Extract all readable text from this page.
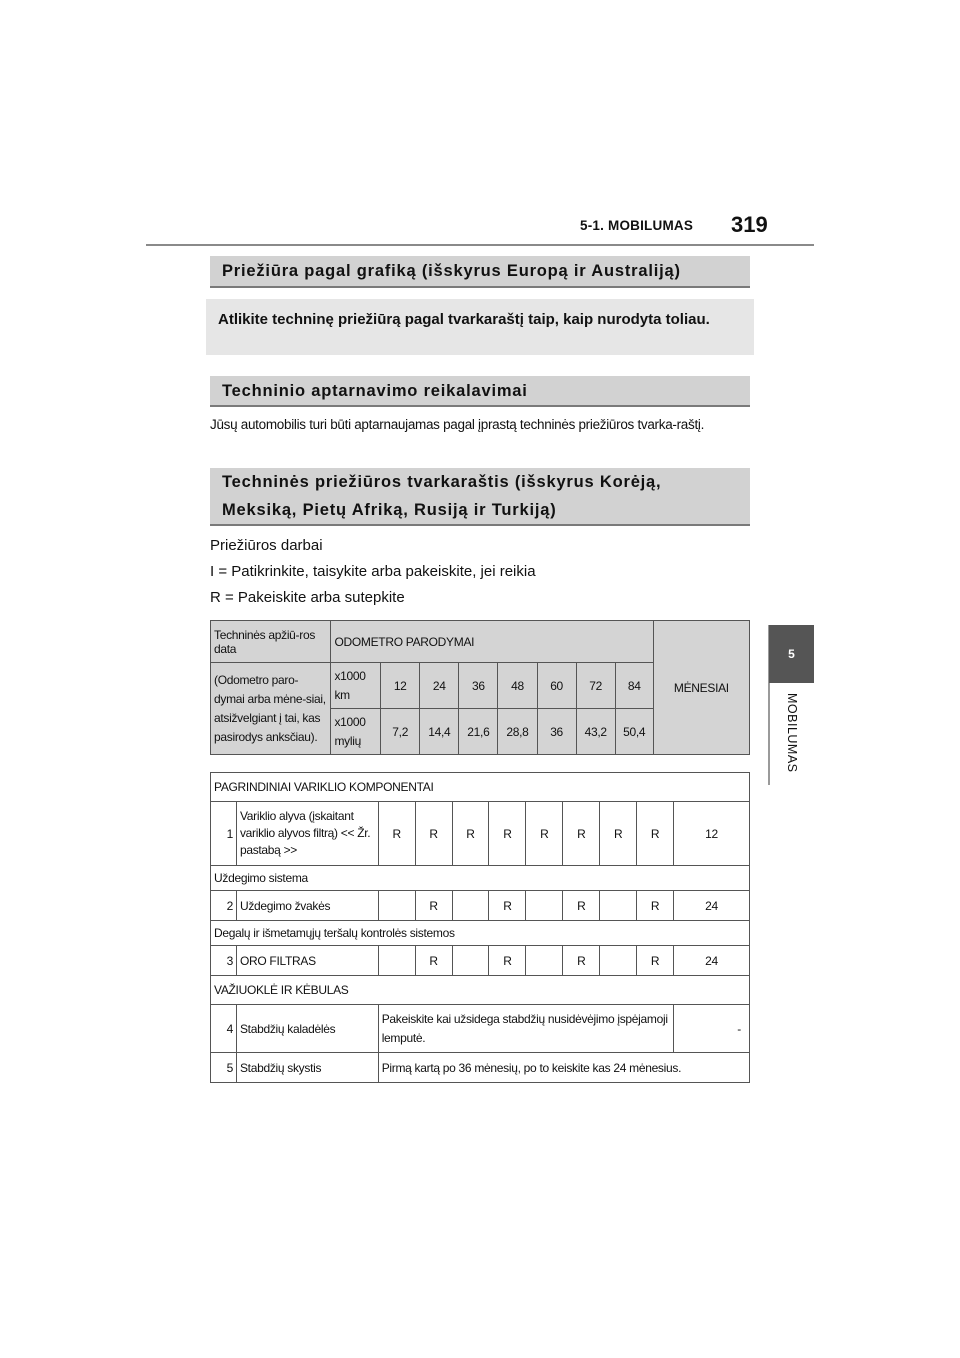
5-1. MOBILUMAS 319
5
MOBILUMAS
Priežiūra pagal grafiką (išskyrus Europą ir Australiją)
Atlikite techninę priežiūrą pagal tvarkaraštį taip, kaip nurodyta toliau.
Techninio aptarnavimo reikalavimai
Jūsų automobilis turi būti aptarnaujamas pagal įprastą techninės priežiūros tvarka-raštį.
Techninės priežiūros tvarkaraštis (išskyrus Korėją, Meksiką, Pietų Afriką, Rusiją ir Turkiją)
Priežiūros darbai
I = Patikrinkite, taisykite arba pakeiskite, jei reikia
R = Pakeiskite arba sutepkite
Techninės apžiū-ros data	ODOMETRO PARODYMAI								MĖNESIAI
(Odometro paro-dymai arba mėne-siai, atsižvelgiant į tai, kas pasirodys anksčiau).	x1000 km	12	24	36	48	60	72	84	
	x1000 mylių	7,2	14,4	21,6	28,8	36	43,2	50,4	
PAGRINDINIAI VARIKLIO KOMPONENTAI										
1	Variklio alyva (įskaitant variklio alyvos filtrą) << Žr. pastabą >>	R	R	R	R	R	R	R	R	12
Uždegimo sistema										
2	Uždegimo žvakės		R		R		R		R	24
Degalų ir išmetamųjų teršalų kontrolės sistemos										
3	ORO FILTRAS		R		R		R		R	24
VAŽIUOKLĖ IR KĖBULAS										
4	Stabdžių kaladėlės	Pakeiskite kai užsidega stabdžių nusidėvėjimo įspėjamoji lemputė.								-
5	Stabdžių skystis	Pirmą kartą po 36 mėnesių, po to keiskite kas 24 mėnesius.								
